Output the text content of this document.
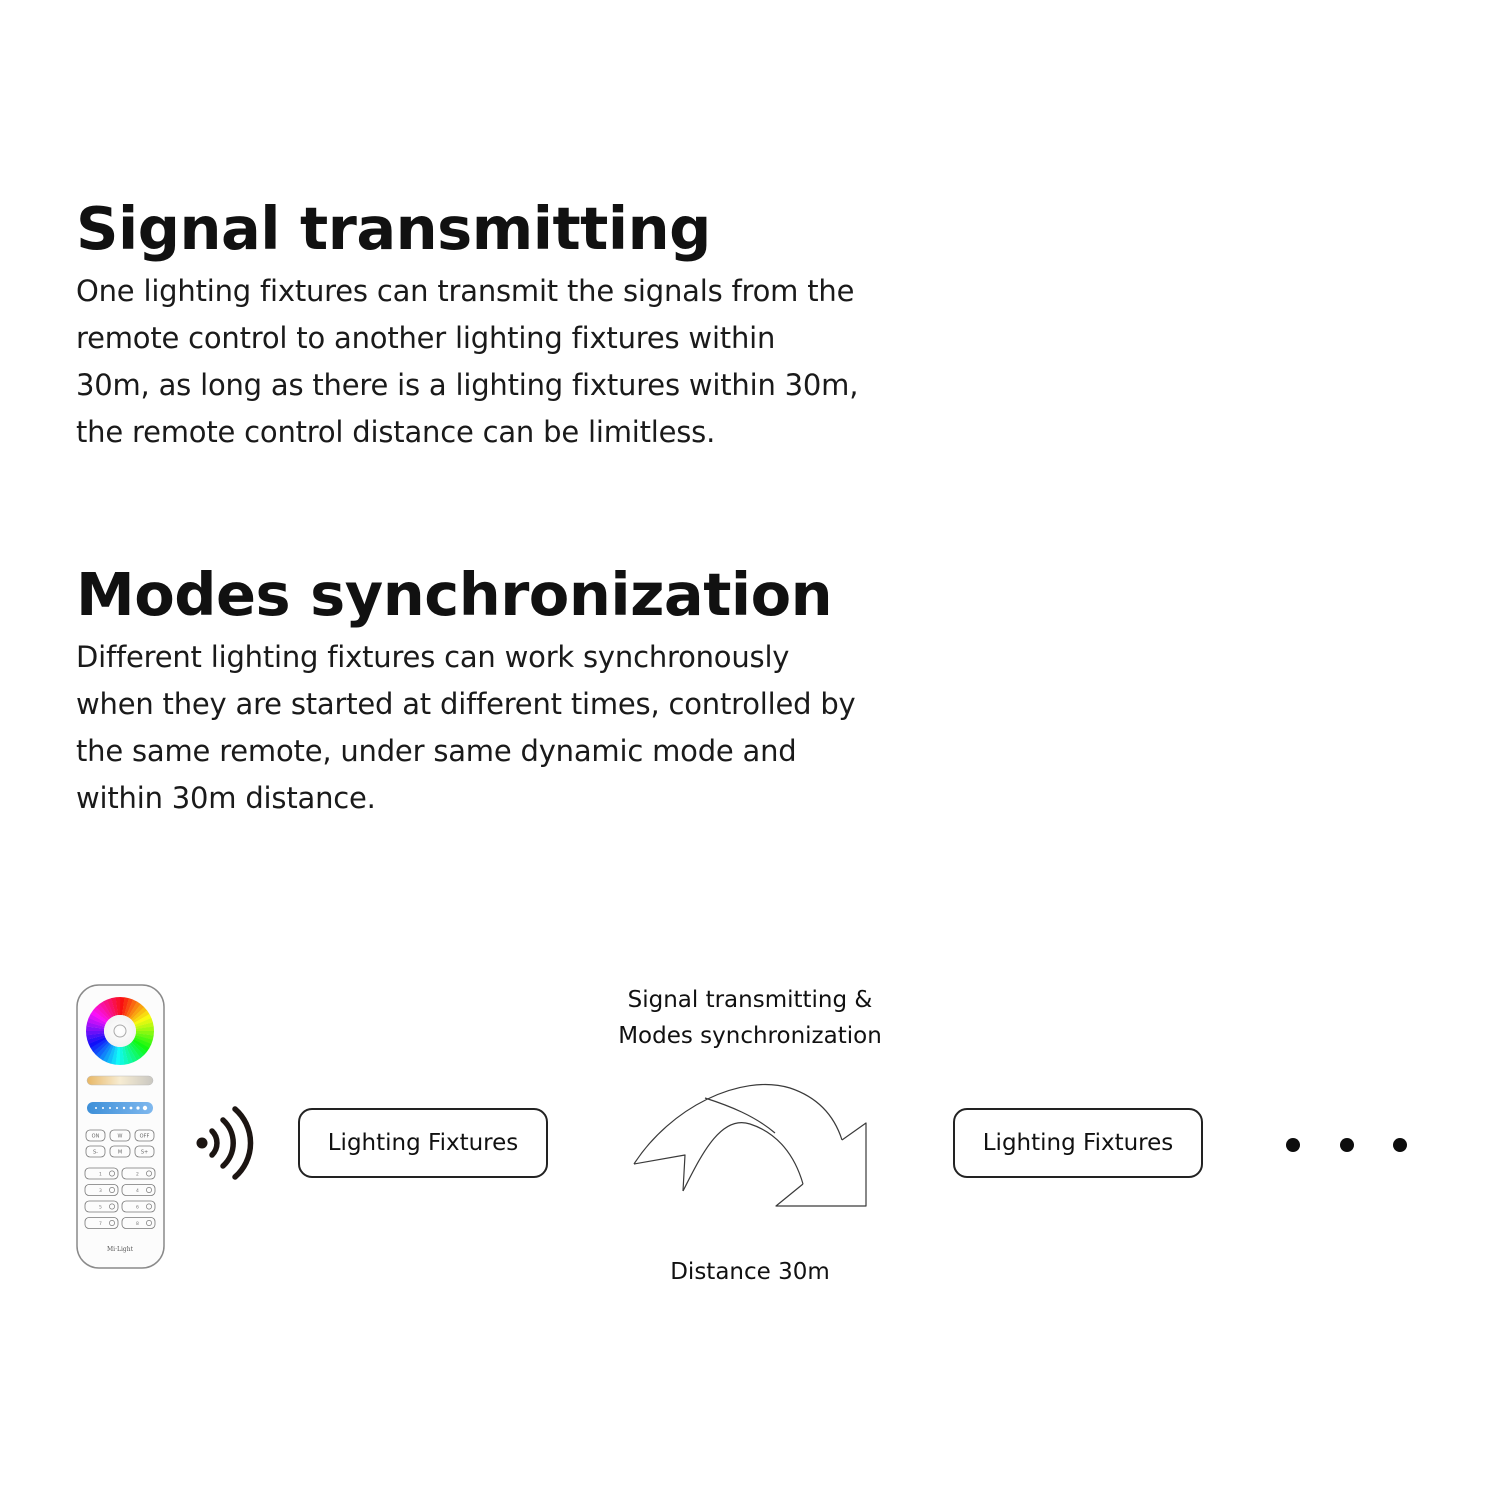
Signal transmitting

One lighting fixtures can transmit the signals from the
remote control to another lighting fixtures within
30m, as long as there is a lighting fixtures within 30m,
the remote control distance can be limitless.

Modes synchronization

Different lighting fixtures can work synchronously
when they are started at different times, controlled by
the same remote, under same dynamic mode and
within 30m distance.

ON	W	OFF
S-	M	S+
1	2
3	4
5	6
7	8
Mi·Light
Lighting Fixtures
Signal transmitting &
Modes synchronization
Distance 30m
Lighting Fixtures
